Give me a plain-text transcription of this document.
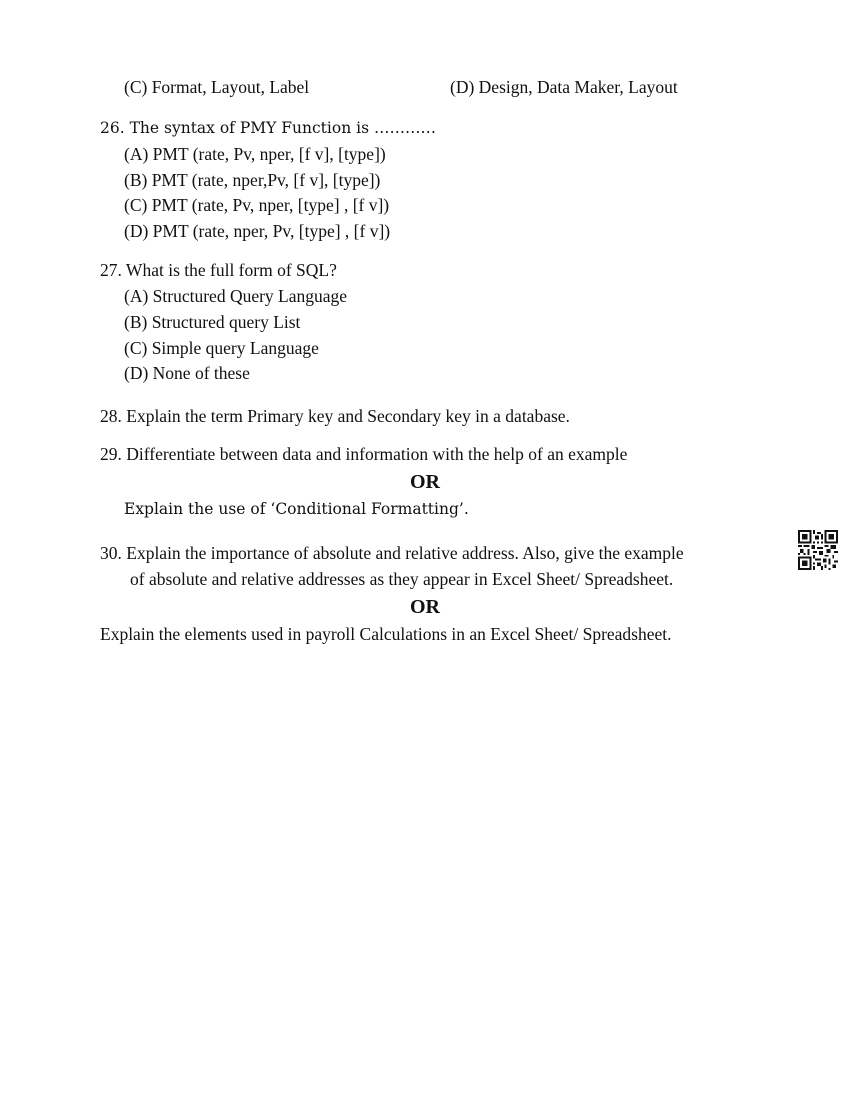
(C) Format, Layout, Label	(D) Design, Data Maker, Layout
26. The syntax of PMY Function is …………
(A) PMT (rate, Pv, nper, [f v], [type])
(B) PMT (rate, nper,Pv, [f v], [type])
(C) PMT (rate, Pv, nper, [type] , [f v])
(D) PMT (rate, nper, Pv, [type] , [f v])
27. What is the full form of SQL?
(A) Structured Query Language
(B) Structured query List
(C) Simple query Language
(D) None of these
28. Explain the term Primary key and Secondary key in a database.
29. Differentiate between data and information with the help of an example
OR
Explain the use of ‘Conditional Formatting’.
30. Explain the importance of absolute and relative address. Also, give the example
of absolute and relative addresses as they appear in Excel Sheet/ Spreadsheet.
OR
Explain the elements used in payroll Calculations in an Excel Sheet/ Spreadsheet.
